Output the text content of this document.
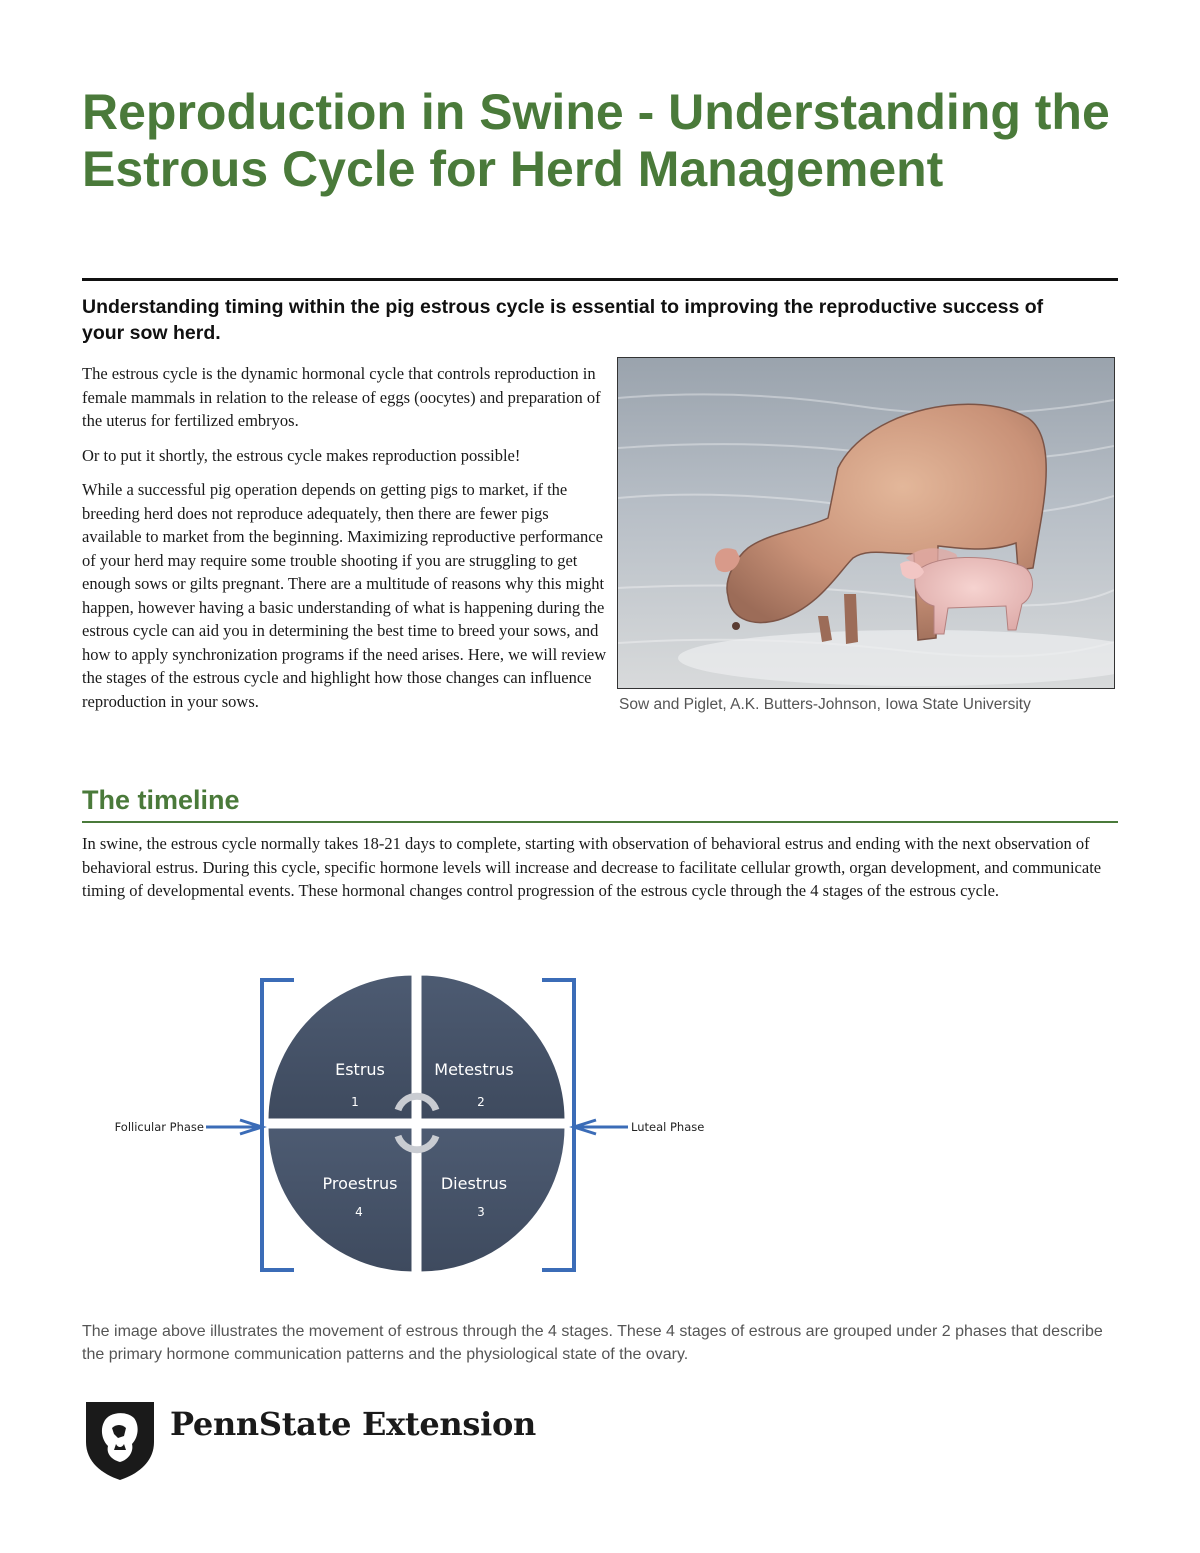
Reproduction in Swine - Understanding the Estrous Cycle for Herd Management

Understanding timing within the pig estrous cycle is essential to improving the reproductive success of your sow herd.

The estrous cycle is the dynamic hormonal cycle that controls reproduction in female mammals in relation to the release of eggs (oocytes) and preparation of the uterus for fertilized embryos.

Or to put it shortly, the estrous cycle makes reproduction possible!

While a successful pig operation depends on getting pigs to market, if the breeding herd does not reproduce adequately, then there are fewer pigs available to market from the beginning. Maximizing reproductive performance of your herd may require some trouble shooting if you are struggling to get enough sows or gilts pregnant. There are a multitude of reasons why this might happen, however having a basic understanding of what is happening during the estrous cycle can aid you in determining the best time to breed your sows, and how to apply synchronization programs if the need arises. Here, we will review the stages of the estrous cycle and highlight how those changes can influence reproduction in your sows.	Sow and Piglet, A.K. Butters-Johnson, Iowa State University

The timeline

In swine, the estrous cycle normally takes 18-21 days to complete, starting with observation of behavioral estrus and ending with the next observation of behavioral estrus. During this cycle, specific hormone levels will increase and decrease to facilitate cellular growth, organ development, and communicate timing of developmental events. These hormonal changes control progression of the estrous cycle through the 4 stages of the estrous cycle.

Estrus
1
Metestrus
2
Diestrus
3
Proestrus
4
Follicular Phase	Luteal Phase

The image above illustrates the movement of estrous through the 4 stages. These 4 stages of estrous are grouped under 2 phases that describe the primary hormone communication patterns and the physiological state of the ovary.

PennState Extension
